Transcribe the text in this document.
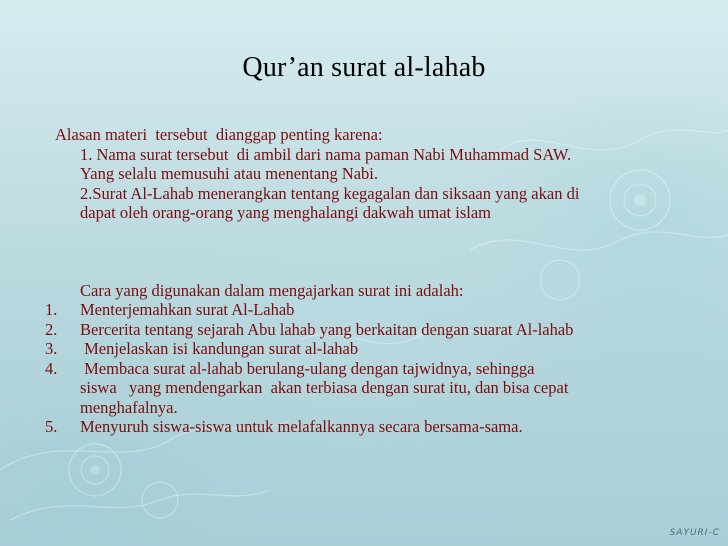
Qur’an surat al-lahab
Alasan materi  tersebut  dianggap penting karena:
1. Nama surat tersebut  di ambil dari nama paman Nabi Muhammad SAW.
Yang selalu memusuhi atau menentang Nabi.
2.Surat Al-Lahab menerangkan tentang kegagalan dan siksaan yang akan di
dapat oleh orang-orang yang menghalangi dakwah umat islam
Cara yang digunakan dalam mengajarkan surat ini adalah:
1.	Menterjemahkan surat Al-Lahab
2.	Bercerita tentang sejarah Abu lahab yang berkaitan dengan suarat Al-lahab
3.	Menjelaskan isi kandungan surat al-lahab
4.	Membaca surat al-lahab berulang-ulang dengan tajwidnya, sehingga
siswa   yang mendengarkan  akan terbiasa dengan surat itu, dan bisa cepat
menghafalnya.
5.	Menyuruh siswa-siswa untuk melafalkannya secara bersama-sama.
SAYURI-C
